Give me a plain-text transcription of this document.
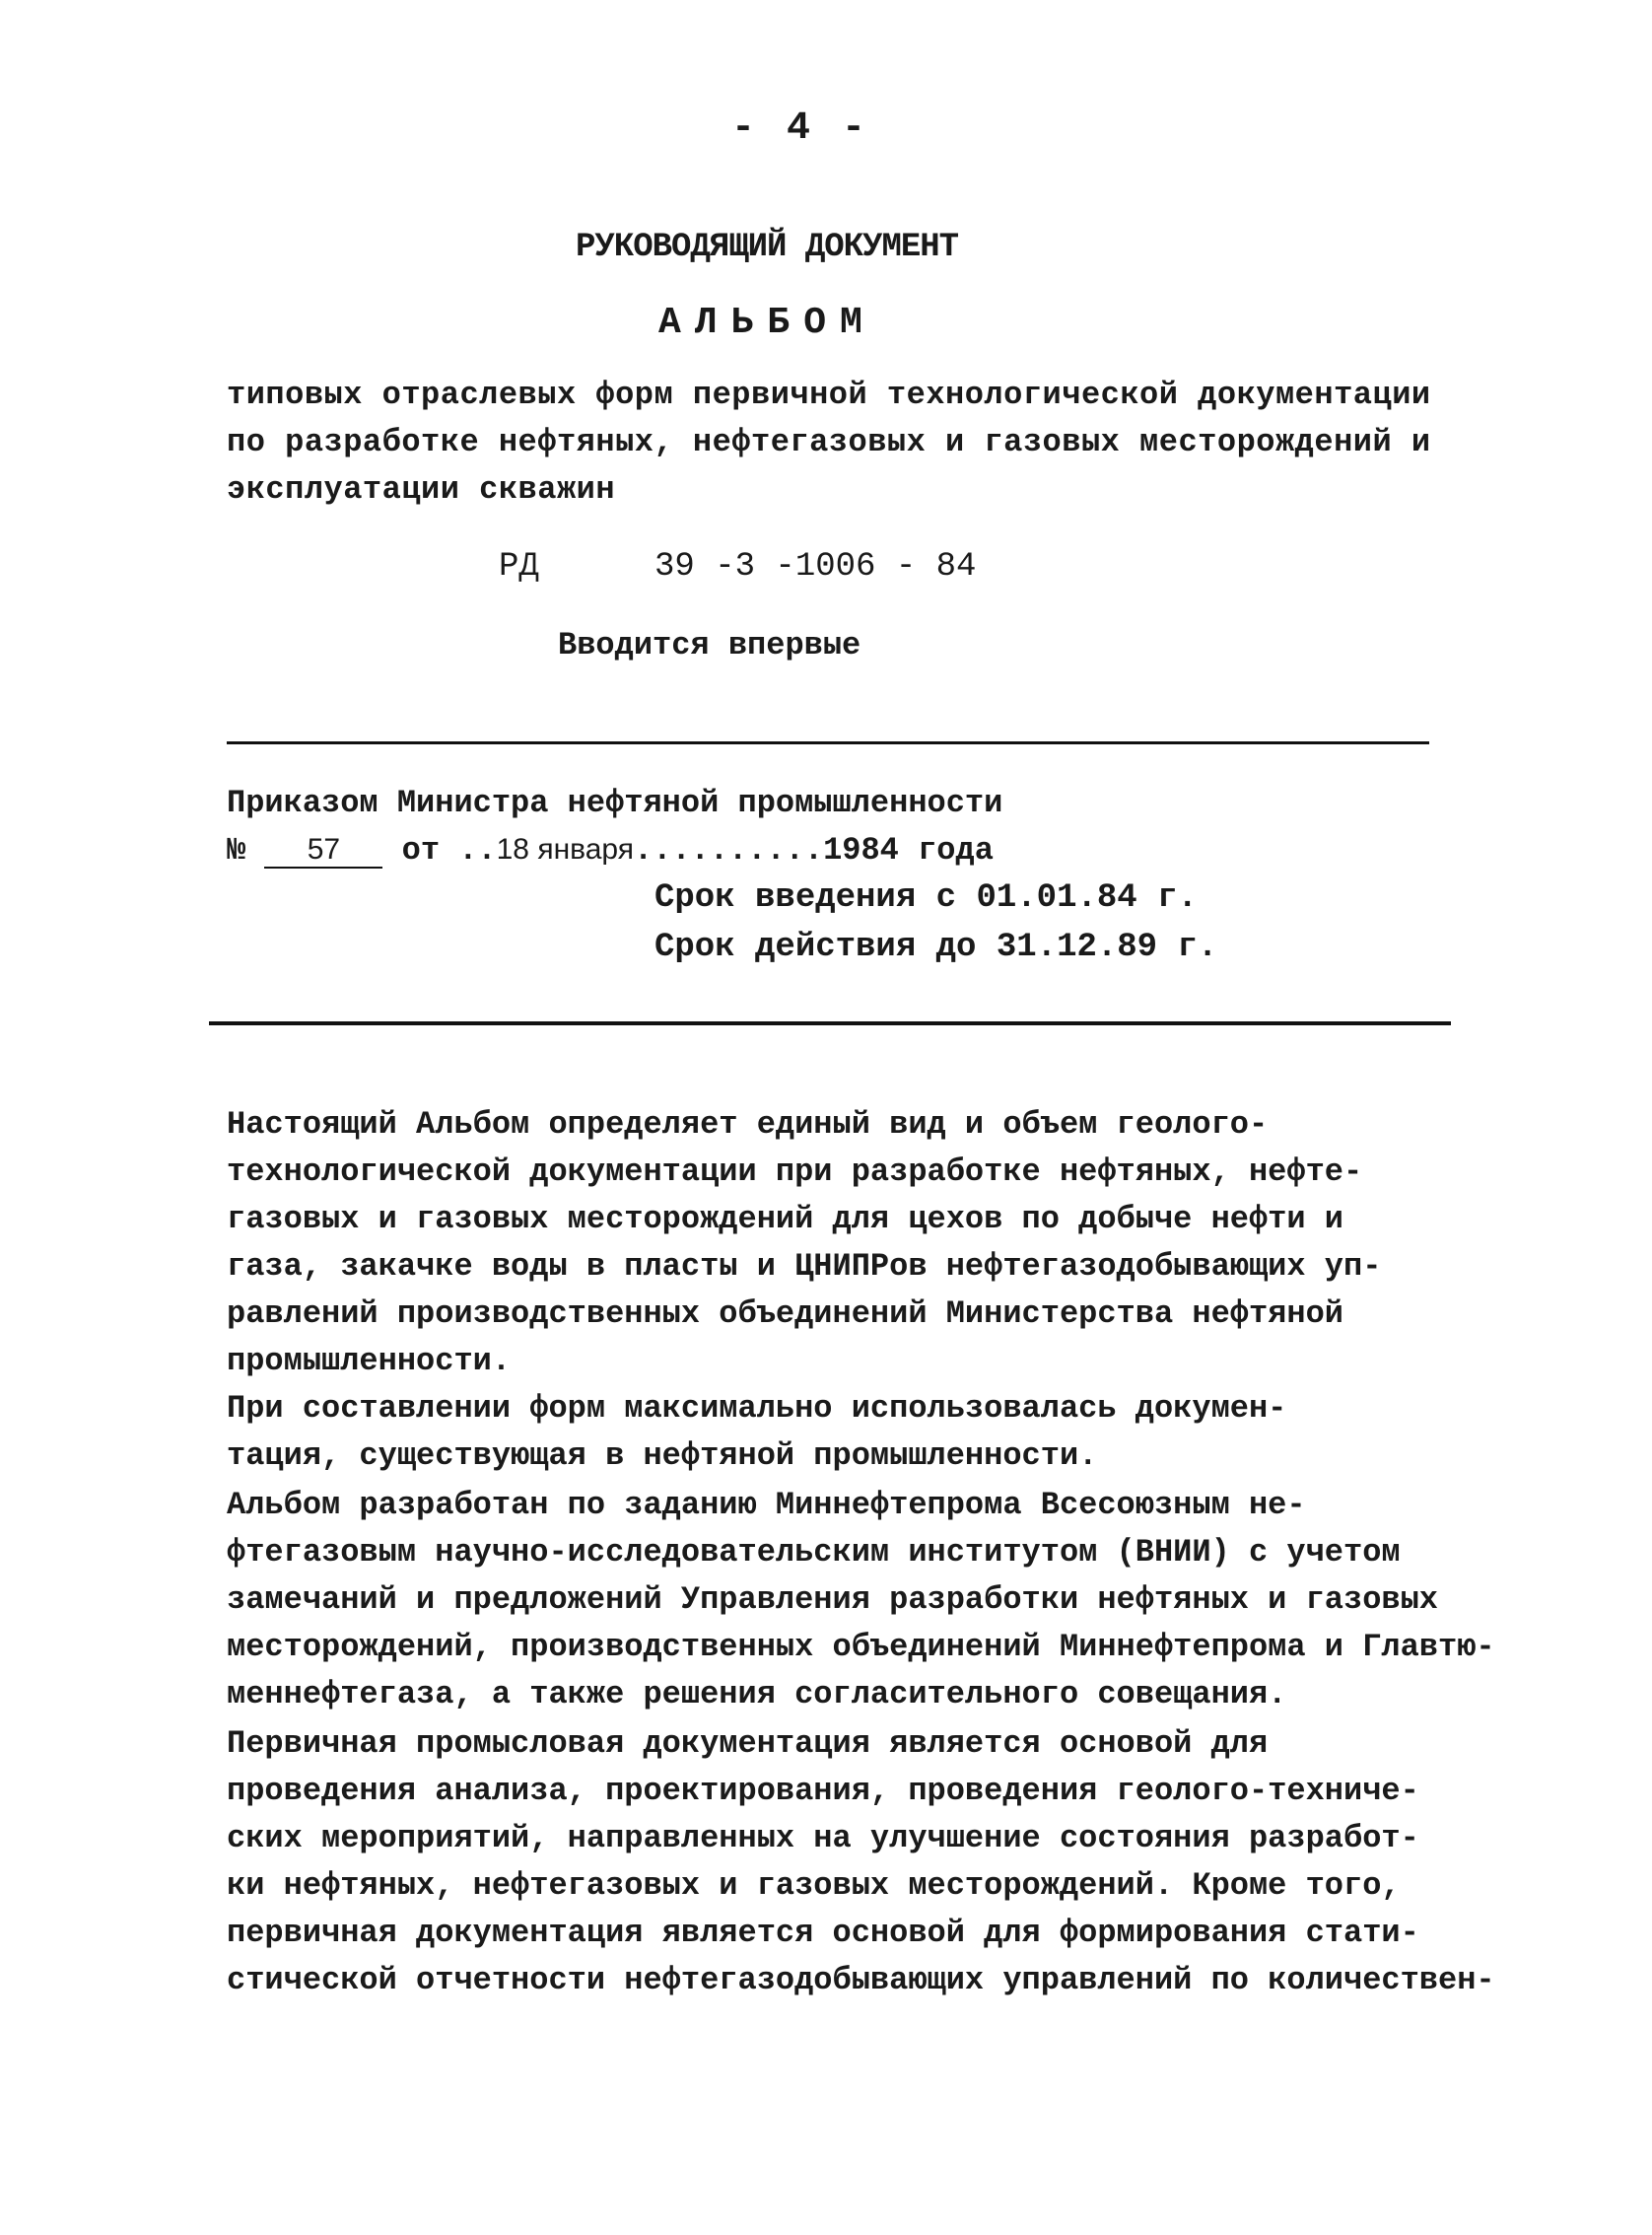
- 4 -
РУКОВОДЯЩИЙ ДОКУМЕНТ
АЛЬБОМ
типовых отраслевых форм первичной технологической документации
по разработке нефтяных, нефтегазовых и газовых месторождений и
эксплуатации скважин
РД	39 -3 -1006 - 84
Вводится впервые
Приказом Министра нефтяной промышленности
№ 57 от ..18 января..........1984 года
Срок введения с 01.01.84 г.
Срок действия до 31.12.89 г.
Настоящий Альбом определяет единый вид и объем геолого-
технологической документации при разработке нефтяных, нефте-
газовых и газовых месторождений для цехов по добыче нефти и
газа, закачке воды в пласты и ЦНИПРов нефтегазодобывающих уп-
равлений производственных объединений Министерства нефтяной
промышленности.
При составлении форм максимально использовалась докумен-
тация, существующая в нефтяной промышленности.
Альбом разработан по заданию Миннефтепрома Всесоюзным не-
фтегазовым научно-исследовательским институтом (ВНИИ) с учетом
замечаний и предложений Управления разработки нефтяных и газовых
месторождений, производственных объединений Миннефтепрома и Главтю-
меннефтегаза, а также решения согласительного совещания.
Первичная промысловая документация является основой для
проведения анализа, проектирования, проведения геолого-техниче-
ских мероприятий, направленных на улучшение состояния разработ-
ки нефтяных, нефтегазовых и газовых месторождений. Кроме того,
первичная документация является основой для формирования стати-
стической отчетности нефтегазодобывающих управлений по количествен-
